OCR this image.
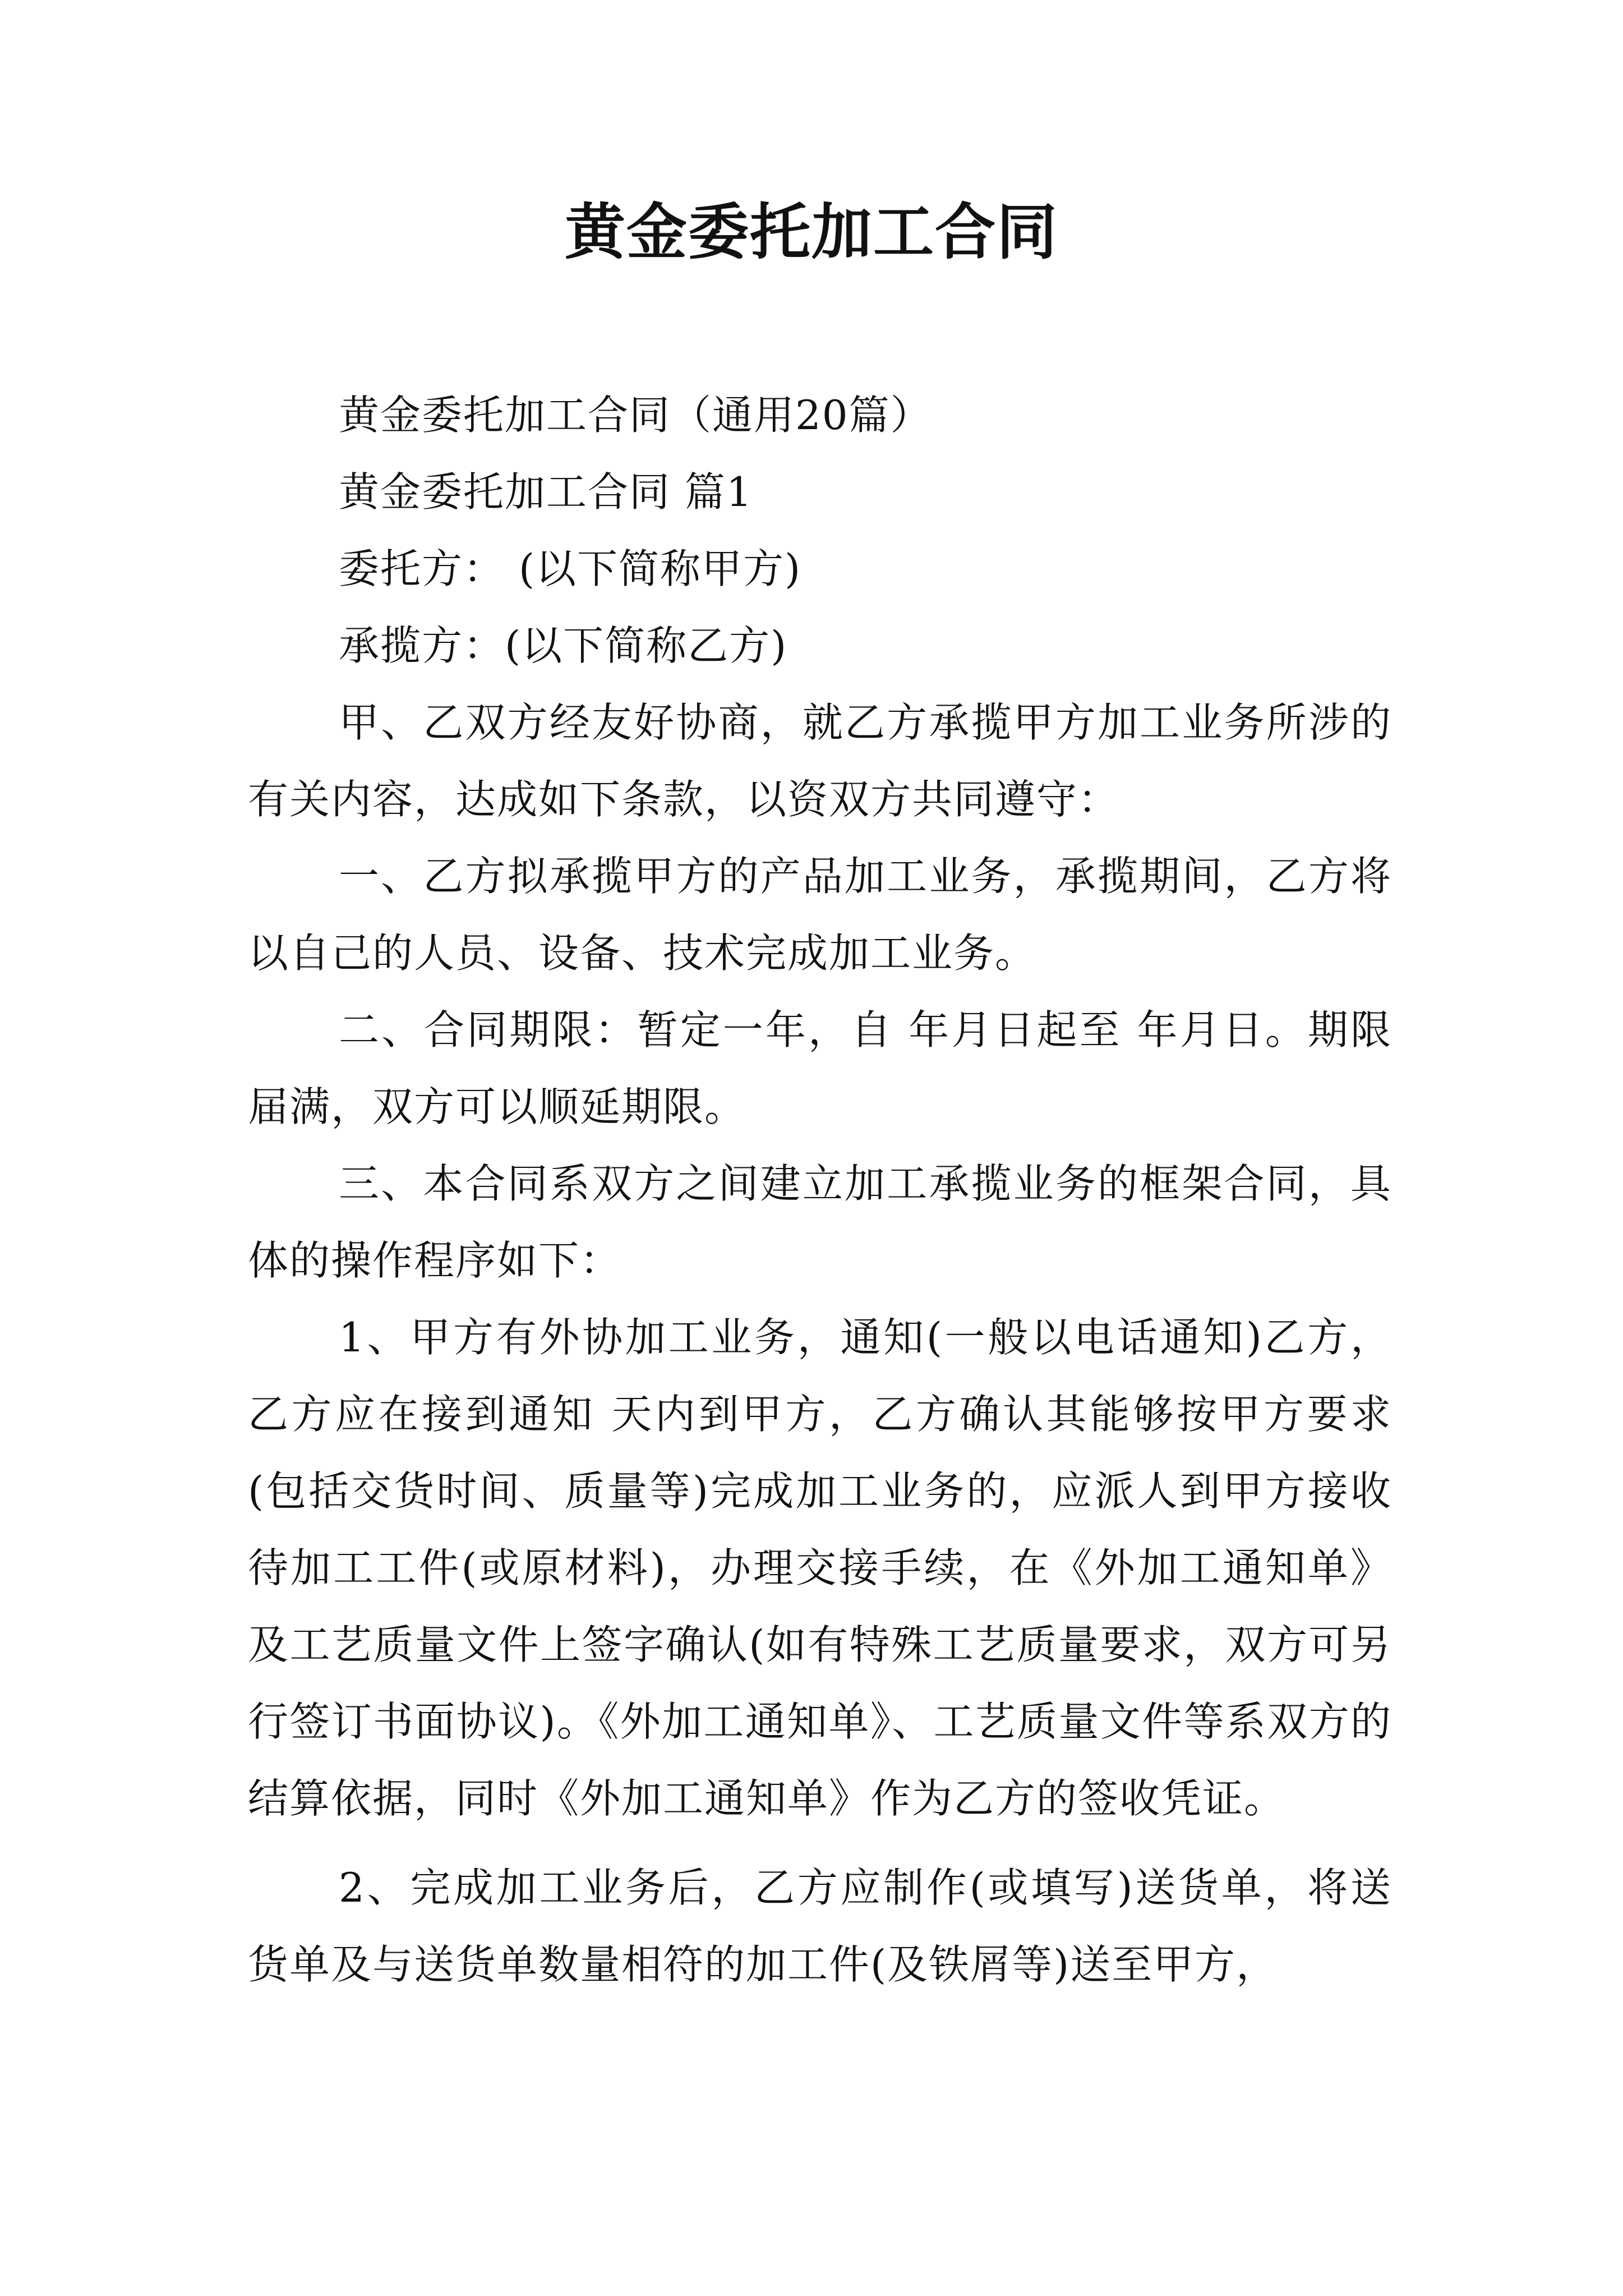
黄金委托加工合同

黄金委托加工合同（通用20篇）

黄金委托加工合同 篇1

委托方： (以下简称甲方)

承揽方：(以下简称乙方)

甲、乙双方经友好协商，就乙方承揽甲方加工业务所涉的有关内容，达成如下条款，以资双方共同遵守：

一、乙方拟承揽甲方的产品加工业务，承揽期间，乙方将以自己的人员、设备、技术完成加工业务。

二、合同期限：暂定一年，自 年月日起至 年月日。期限届满，双方可以顺延期限。

三、本合同系双方之间建立加工承揽业务的框架合同，具体的操作程序如下：

1、甲方有外协加工业务，通知(一般以电话通知)乙方，乙方应在接到通知 天内到甲方，乙方确认其能够按甲方要求(包括交货时间、质量等)完成加工业务的，应派人到甲方接收待加工工件(或原材料)，办理交接手续，在《外加工通知单》及工艺质量文件上签字确认(如有特殊工艺质量要求，双方可另行签订书面协议)。《外加工通知单》、工艺质量文件等系双方的结算依据，同时《外加工通知单》作为乙方的签收凭证。

2、完成加工业务后，乙方应制作(或填写)送货单，将送货单及与送货单数量相符的加工件(及铁屑等)送至甲方，
